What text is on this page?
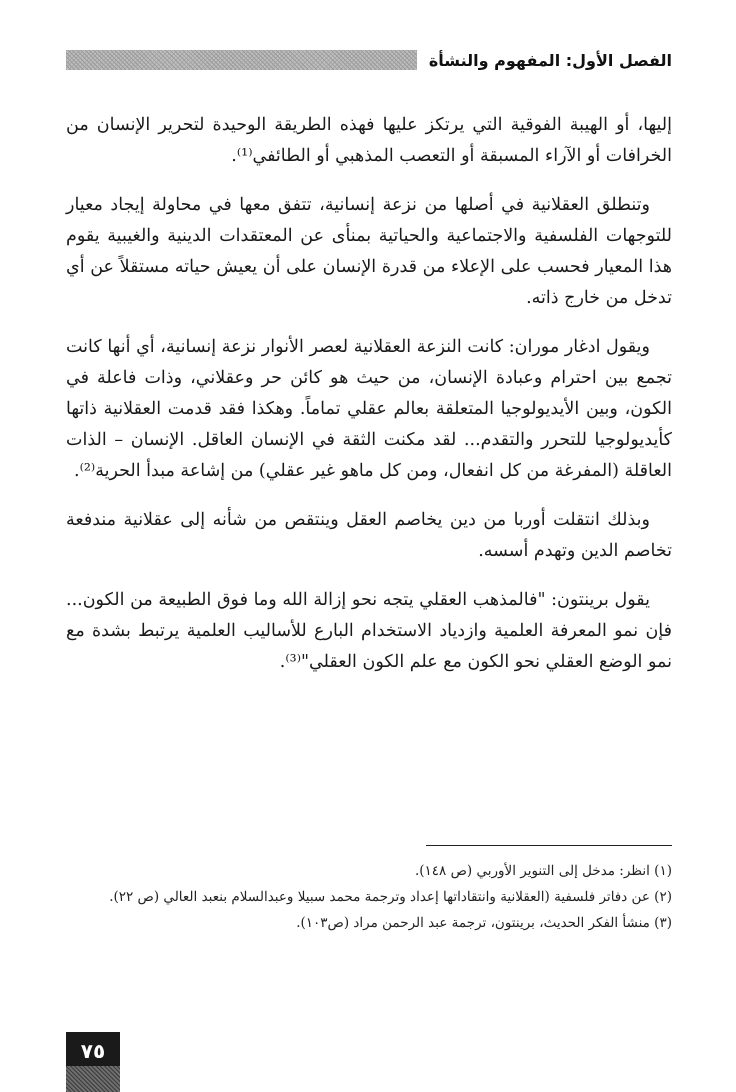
الفصل الأول: المفهوم والنشأة

إليها، أو الهيبة الفوقية التي يرتكز عليها فهذه الطريقة الوحيدة لتحرير الإنسان من الخرافات أو الآراء المسبقة أو التعصب المذهبي أو الطائفي⁽¹⁾.

وتنطلق العقلانية في أصلها من نزعة إنسانية، تتفق معها في محاولة إيجاد معيار للتوجهات الفلسفية والاجتماعية والحياتية بمنأى عن المعتقدات الدينية والغيبية يقوم هذا المعيار فحسب على الإعلاء من قدرة الإنسان على أن يعيش حياته مستقلاً عن أي تدخل من خارج ذاته.

ويقول ادغار موران: كانت النزعة العقلانية لعصر الأنوار نزعة إنسانية، أي أنها كانت تجمع بين احترام وعبادة الإنسان، من حيث هو كائن حر وعقلاني، وذات فاعلة في الكون، وبين الأيديولوجيا المتعلقة بعالم عقلي تماماً. وهكذا فقد قدمت العقلانية ذاتها كأيديولوجيا للتحرر والتقدم... لقد مكنت الثقة في الإنسان العاقل. الإنسان – الذات العاقلة (المفرغة من كل انفعال، ومن كل ماهو غير عقلي) من إشاعة مبدأ الحرية⁽²⁾.

وبذلك انتقلت أوربا من دين يخاصم العقل وينتقص من شأنه إلى عقلانية مندفعة تخاصم الدين وتهدم أسسه.

يقول برينتون: "فالمذهب العقلي يتجه نحو إزالة الله وما فوق الطبيعة من الكون... فإن نمو المعرفة العلمية وازدياد الاستخدام البارع للأساليب العلمية يرتبط بشدة مع نمو الوضع العقلي نحو الكون مع علم الكون العقلي"⁽³⁾.

(١) انظر: مدخل إلى التنوير الأوربي (ص ١٤٨).
(٢) عن دفاتر فلسفية (العقلانية وانتقاداتها إعداد وترجمة محمد سبيلا وعبدالسلام بنعبد العالي (ص ٢٢).
(٣) منشأ الفكر الحديث، برينتون، ترجمة عبد الرحمن مراد (ص١٠٣).
٧٥
